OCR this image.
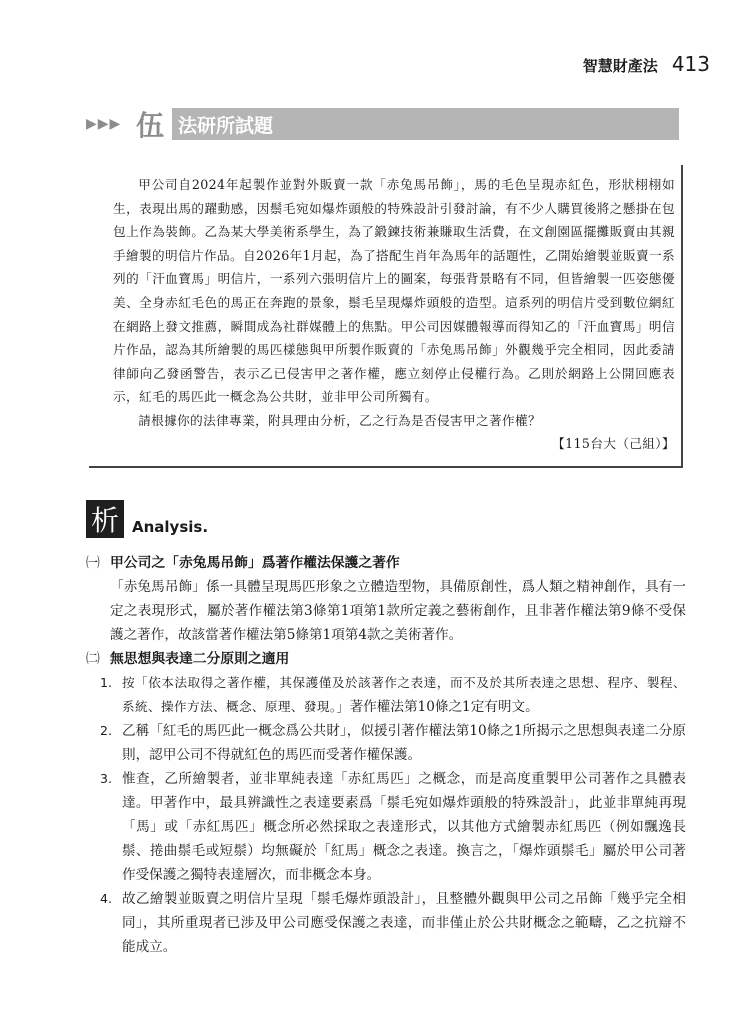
智慧財產法 413
▶▶▶ 伍 法研所試題

甲公司自2024年起製作並對外販賣一款「赤兔馬吊飾」，馬的毛色呈現赤紅色，形狀栩栩如生，表現出馬的躍動感，因鬃毛宛如爆炸頭般的特殊設計引發討論，有不少人購買後將之懸掛在包包上作為裝飾。乙為某大學美術系學生，為了鍛鍊技術兼賺取生活費，在文創園區擺攤販賣由其親手繪製的明信片作品。自2026年1月起，為了搭配生肖年為馬年的話題性，乙開始繪製並販賣一系列的「汗血寶馬」明信片，一系列六張明信片上的圖案，每張背景略有不同，但皆繪製一匹姿態優美、全身赤紅毛色的馬正在奔跑的景象，鬃毛呈現爆炸頭般的造型。這系列的明信片受到數位網紅在網路上發文推薦，瞬間成為社群媒體上的焦點。甲公司因媒體報導而得知乙的「汗血寶馬」明信片作品，認為其所繪製的馬匹樣態與甲所製作販賣的「赤兔馬吊飾」外觀幾乎完全相同，因此委請律師向乙發函警告，表示乙已侵害甲之著作權，應立刻停止侵權行為。乙則於網路上公開回應表示，紅毛的馬匹此一概念為公共財，並非甲公司所獨有。

請根據你的法律專業，附具理由分析，乙之行為是否侵害甲之著作權？

【115台大（己組）】
析 Analysis.
㈠ 甲公司之「赤兔馬吊飾」爲著作權法保護之著作

「赤兔馬吊飾」係一具體呈現馬匹形象之立體造型物，具備原創性，爲人類之精神創作，具有一定之表現形式，屬於著作權法第3條第1項第1款所定義之藝術創作，且非著作權法第9條不受保護之著作，故該當著作權法第5條第1項第4款之美術著作。

㈡ 無思想與表達二分原則之適用
1. 按「依本法取得之著作權，其保護僅及於該著作之表達，而不及於其所表達之思想、程序、製程、系統、操作方法、概念、原理、發現。」著作權法第10條之1定有明文。
2. 乙稱「紅毛的馬匹此一概念爲公共財」，似援引著作權法第10條之1所揭示之思想與表達二分原則，認甲公司不得就紅色的馬匹而受著作權保護。
3. 惟查，乙所繪製者，並非單純表達「赤紅馬匹」之概念，而是高度重製甲公司著作之具體表達。甲著作中，最具辨識性之表達要素爲「鬃毛宛如爆炸頭般的特殊設計」，此並非單純再現「馬」或「赤紅馬匹」概念所必然採取之表達形式，以其他方式繪製赤紅馬匹（例如飄逸長鬃、捲曲鬃毛或短鬃）均無礙於「紅馬」概念之表達。換言之，「爆炸頭鬃毛」屬於甲公司著作受保護之獨特表達層次，而非概念本身。
4. 故乙繪製並販賣之明信片呈現「鬃毛爆炸頭設計」，且整體外觀與甲公司之吊飾「幾乎完全相同」，其所重現者已涉及甲公司應受保護之表達，而非僅止於公共財概念之範疇，乙之抗辯不能成立。
